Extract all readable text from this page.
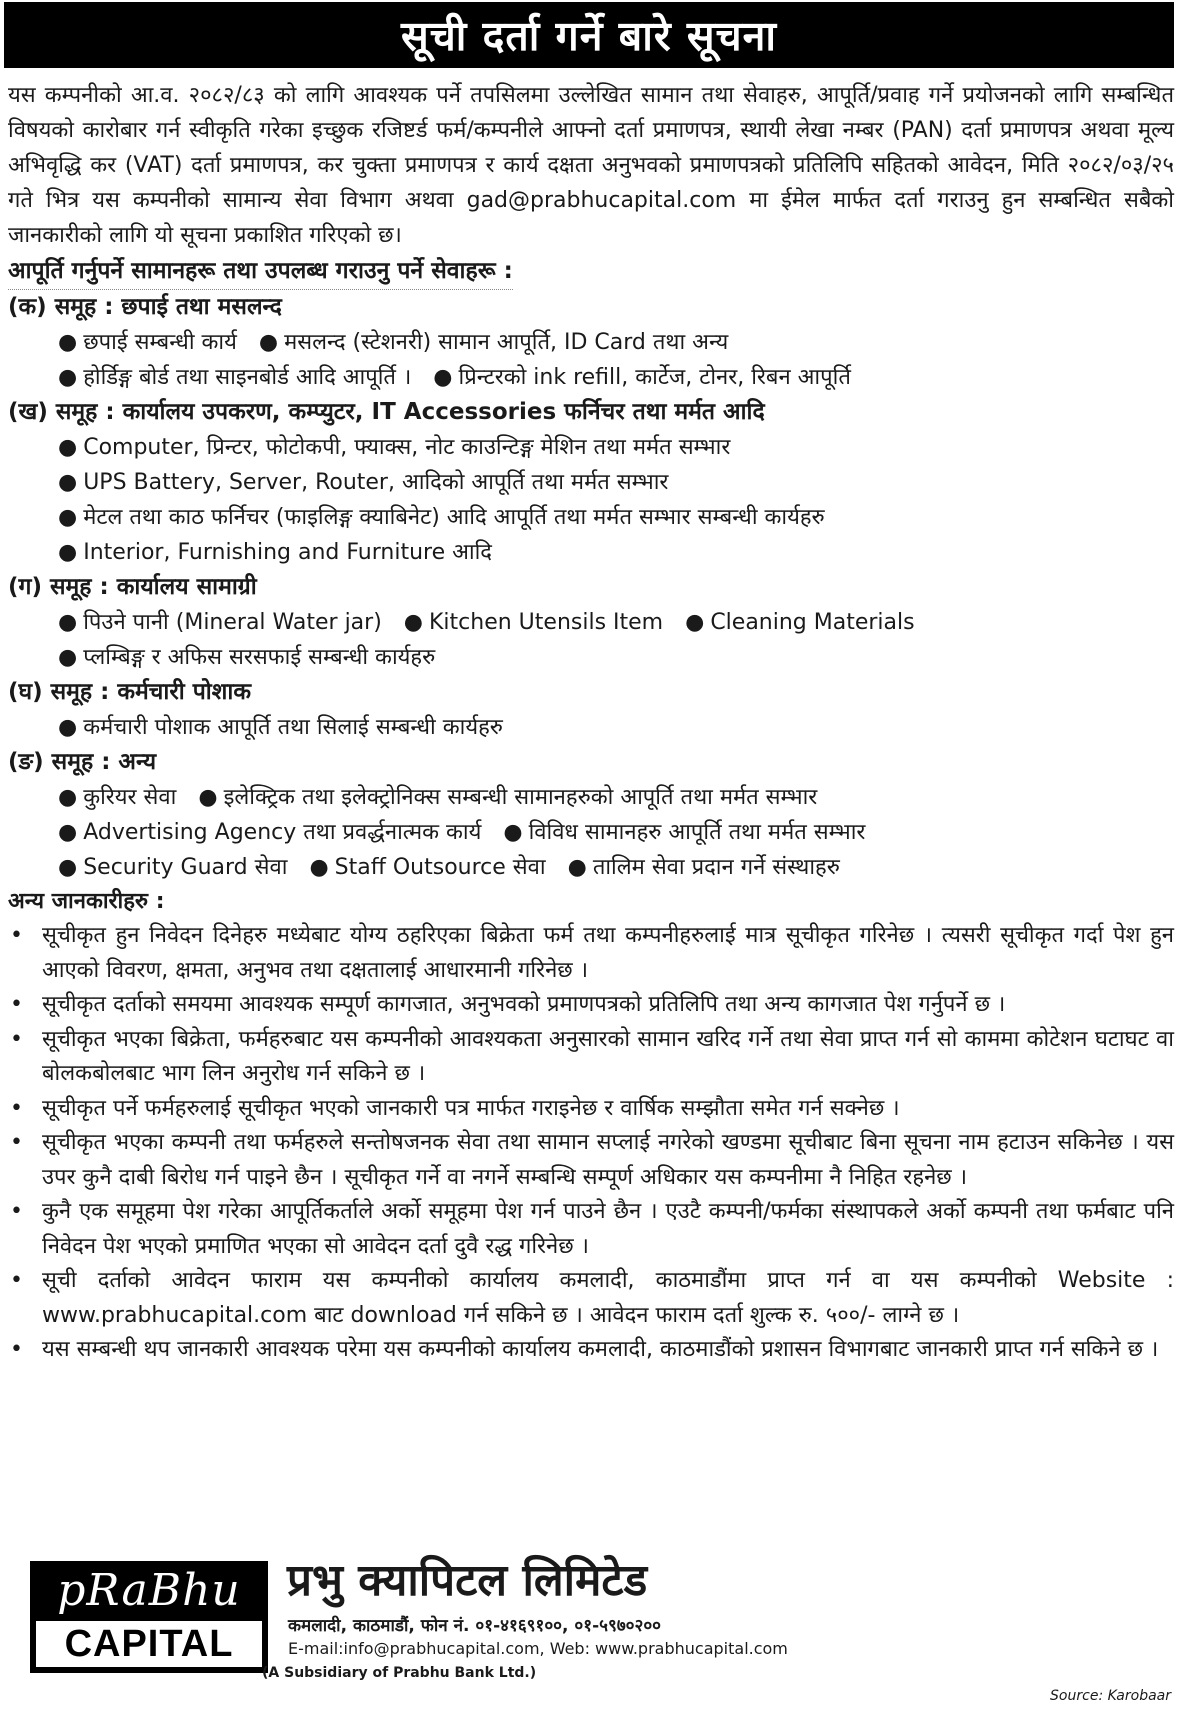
सूची दर्ता गर्ने बारे सूचना

यस कम्पनीको आ.व. २०८२/८३ को लागि आवश्यक पर्ने तपसिलमा उल्लेखित सामान तथा सेवाहरु, आपूर्ति/प्रवाह गर्ने प्रयोजनको लागि सम्बन्धित विषयको कारोबार गर्न स्वीकृति गरेका इच्छुक रजिष्टर्ड फर्म/कम्पनीले आफ्नो दर्ता प्रमाणपत्र, स्थायी लेखा नम्बर (PAN) दर्ता प्रमाणपत्र अथवा मूल्य अभिवृद्धि कर (VAT) दर्ता प्रमाणपत्र, कर चुक्ता प्रमाणपत्र र कार्य दक्षता अनुभवको प्रमाणपत्रको प्रतिलिपि सहितको आवेदन, मिति २०८२/०३/२५ गते भित्र यस कम्पनीको सामान्य सेवा विभाग अथवा gad@prabhucapital.com मा ईमेल मार्फत दर्ता गराउनु हुन सम्बन्धित सबैको जानकारीको लागि यो सूचना प्रकाशित गरिएको छ।

आपूर्ति गर्नुपर्ने सामानहरू तथा उपलब्ध गराउनु पर्ने सेवाहरू :

(क) समूह : छपाई तथा मसलन्द

● छपाई सम्बन्धी कार्य ● मसलन्द (स्टेशनरी) सामान आपूर्ति, ID Card तथा अन्य

● होर्डिङ्ग बोर्ड तथा साइनबोर्ड आदि आपूर्ति । ● प्रिन्टरको ink refill, कार्टेज, टोनर, रिबन आपूर्ति

(ख) समूह : कार्यालय उपकरण, कम्प्युटर, IT Accessories फर्निचर तथा मर्मत आदि

● Computer, प्रिन्टर, फोटोकपी, फ्याक्स, नोट काउन्टिङ्ग मेशिन तथा मर्मत सम्भार

● UPS Battery, Server, Router, आदिको आपूर्ति तथा मर्मत सम्भार

● मेटल तथा काठ फर्निचर (फाइलिङ्ग क्याबिनेट) आदि आपूर्ति तथा मर्मत सम्भार सम्बन्धी कार्यहरु

● Interior, Furnishing and Furniture आदि

(ग) समूह : कार्यालय सामाग्री

● पिउने पानी (Mineral Water jar) ● Kitchen Utensils Item ● Cleaning Materials

● प्लम्बिङ्ग र अफिस सरसफाई सम्बन्धी कार्यहरु

(घ) समूह : कर्मचारी पोशाक

● कर्मचारी पोशाक आपूर्ति तथा सिलाई सम्बन्धी कार्यहरु

(ङ) समूह : अन्य

● कुरियर सेवा ● इलेक्ट्रिक तथा इलेक्ट्रोनिक्स सम्बन्धी सामानहरुको आपूर्ति तथा मर्मत सम्भार

● Advertising Agency तथा प्रवर्द्धनात्मक कार्य ● विविध सामानहरु आपूर्ति तथा मर्मत सम्भार

● Security Guard सेवा ● Staff Outsource सेवा ● तालिम सेवा प्रदान गर्ने संस्थाहरु

अन्य जानकारीहरु :

• सूचीकृत हुन निवेदन दिनेहरु मध्येबाट योग्य ठहरिएका बिक्रेता फर्म तथा कम्पनीहरुलाई मात्र सूचीकृत गरिनेछ । त्यसरी सूचीकृत गर्दा पेश हुन आएको विवरण, क्षमता, अनुभव तथा दक्षतालाई आधारमानी गरिनेछ ।

• सूचीकृत दर्ताको समयमा आवश्यक सम्पूर्ण कागजात, अनुभवको प्रमाणपत्रको प्रतिलिपि तथा अन्य कागजात पेश गर्नुपर्ने छ ।

• सूचीकृत भएका बिक्रेता, फर्महरुबाट यस कम्पनीको आवश्यकता अनुसारको सामान खरिद गर्ने तथा सेवा प्राप्त गर्न सो काममा कोटेशन घटाघट वा बोलकबोलबाट भाग लिन अनुरोध गर्न सकिने छ ।

• सूचीकृत पर्ने फर्महरुलाई सूचीकृत भएको जानकारी पत्र मार्फत गराइनेछ र वार्षिक सम्झौता समेत गर्न सक्नेछ ।

• सूचीकृत भएका कम्पनी तथा फर्महरुले सन्तोषजनक सेवा तथा सामान सप्लाई नगरेको खण्डमा सूचीबाट बिना सूचना नाम हटाउन सकिनेछ । यस उपर कुनै दाबी बिरोध गर्न पाइने छैन । सूचीकृत गर्ने वा नगर्ने सम्बन्धि सम्पूर्ण अधिकार यस कम्पनीमा नै निहित रहनेछ ।

• कुनै एक समूहमा पेश गरेका आपूर्तिकर्ताले अर्को समूहमा पेश गर्न पाउने छैन । एउटै कम्पनी/फर्मका संस्थापकले अर्को कम्पनी तथा फर्मबाट पनि निवेदन पेश भएको प्रमाणित भएका सो आवेदन दर्ता दुवै रद्ध गरिनेछ ।

• सूची दर्ताको आवेदन फाराम यस कम्पनीको कार्यालय कमलादी, काठमाडौंमा प्राप्त गर्न वा यस कम्पनीको Website : www.prabhucapital.com बाट download गर्न सकिने छ । आवेदन फाराम दर्ता शुल्क रु. ५००/- लाग्ने छ ।

• यस सम्बन्धी थप जानकारी आवश्यक परेमा यस कम्पनीको कार्यालय कमलादी, काठमाडौंको प्रशासन विभागबाट जानकारी प्राप्त गर्न सकिने छ ।

pRaBhu
CAPITAL
प्रभु क्यापिटल लिमिटेड
कमलादी, काठमाडौं, फोन नं. ०१-४१६९१००, ०१-५९७०२००
E-mail:info@prabhucapital.com, Web: www.prabhucapital.com
(A Subsidiary of Prabhu Bank Ltd.)
Source: Karobaar
